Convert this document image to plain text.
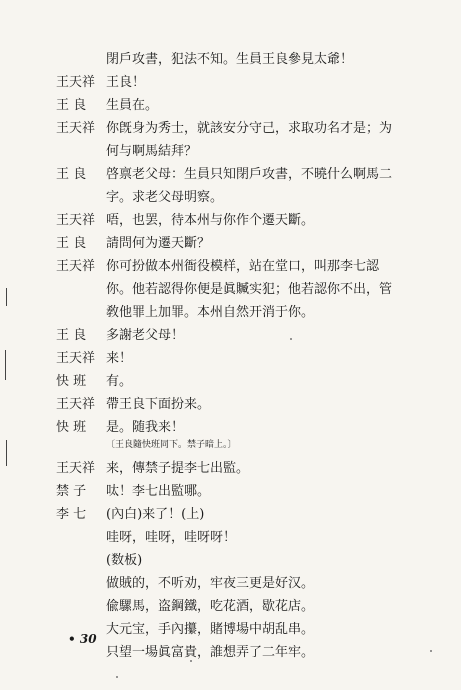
閉戶攻書，犯法不知。生員王良參見太爺！
王天祥 王良！
王 良	生員在。
王天祥 你旣身为秀士，就該安分守己，求取功名才是；为
何与啊馬結拜？
王 良	啓禀老父母：生員只知閉戶攻書，不曉什么啊馬二
字。求老父母明察。
王天祥 唔，也罢，待本州与你作个遷天斷。
王 良	請問何为遷天斷？
王天祥 你可扮做本州衙役模样，站在堂口，叫那李七認
你。他若認得你便是眞贓实犯；他若認你不出，管
敎他罪上加罪。本州自然开消于你。
王 良	多謝老父母！
王天祥 来！
快 班	有。
王天祥 帶王良下面扮来。
快 班	是。随我来！
〔王良隨快班同下。禁子暗上。〕
王天祥 来，傳禁子提李七出監。
禁 子	呔！李七出監哪。
李 七	(內白)来了！(上)
哇呀，哇呀，哇呀呀！
(数板)
做賊的，不听劝，牢夜三更是好汉。
偸騾馬，盗鋼鐵，吃花酒，歇花店。
大元宝，手內攥，賭博場中胡乱串。
只望一場眞富貴，誰想弄了二年牢。
• 30
